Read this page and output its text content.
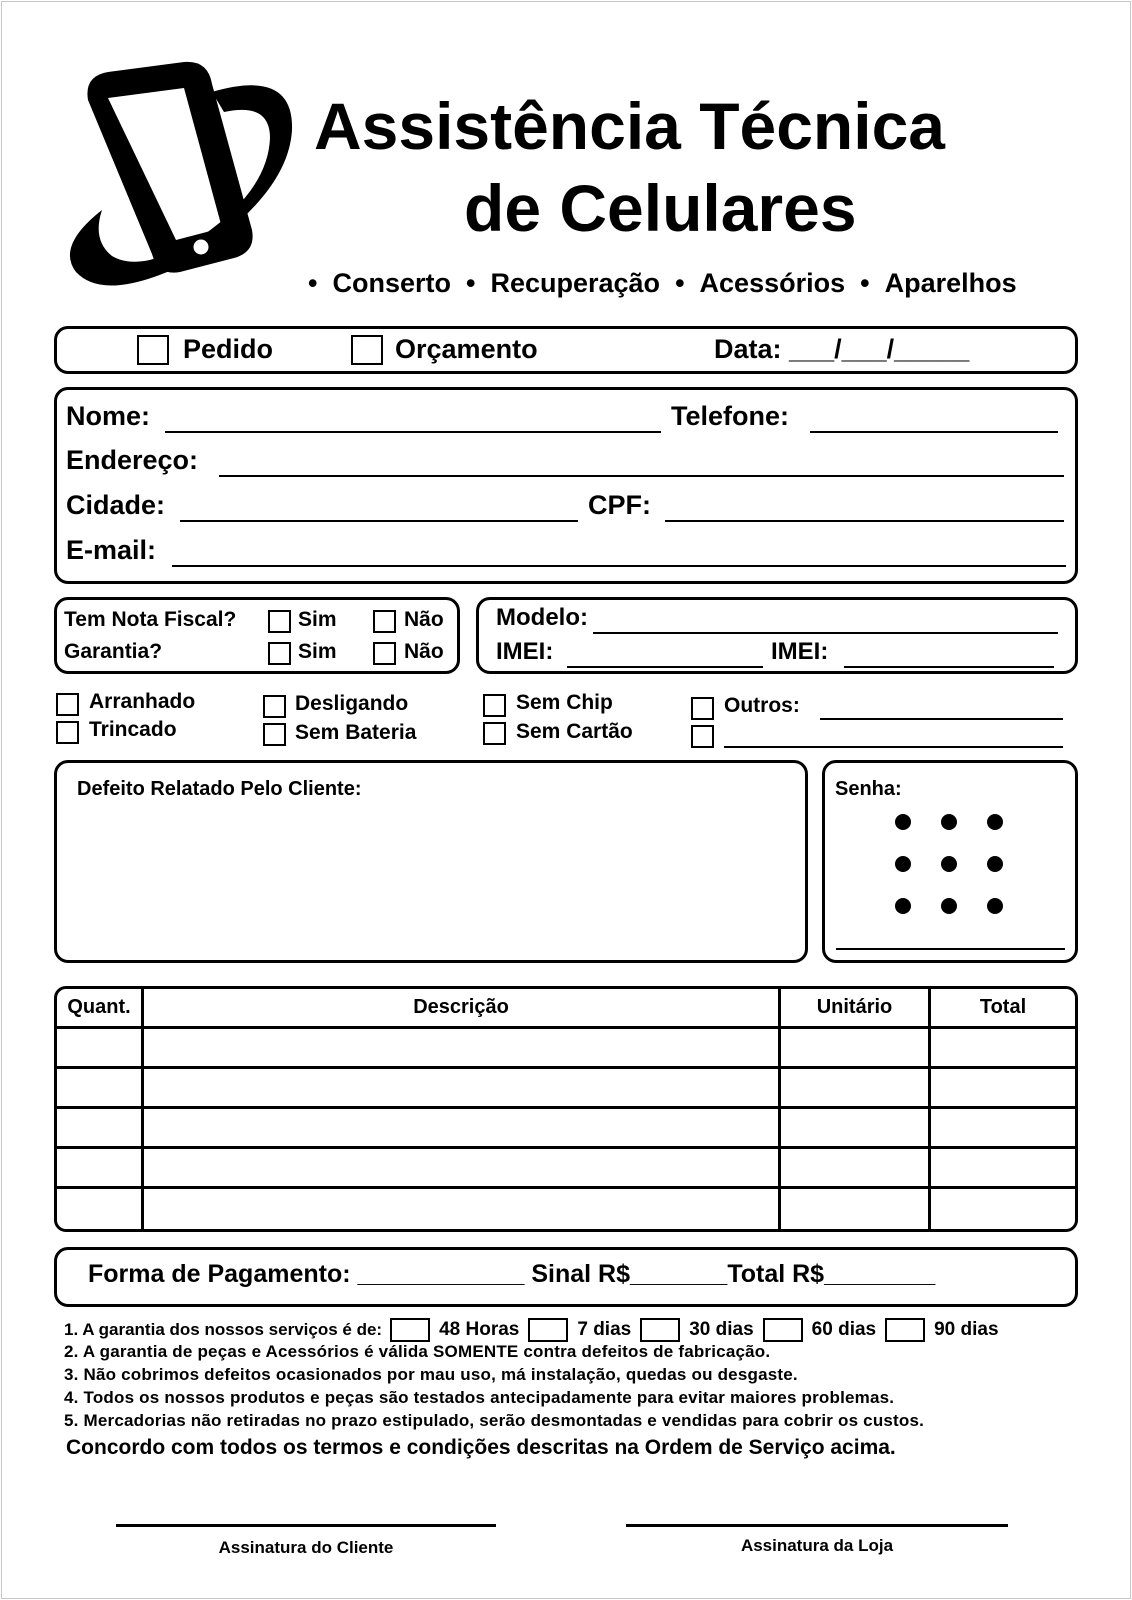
Assistência Técnica
de Celulares
•
Conserto
•
Recuperação
•
Acessórios
•
Aparelhos
Pedido	Orçamento	Data:
___/___/_____
Nome:	Telefone:
Endereço:
Cidade:	CPF:
E-mail:
Tem Nota Fiscal?
Garantia?
Sim	Não
Sim	Não
Modelo:
IMEI:	IMEI:
Arranhado
Trincado
Desligando
Sem Bateria
Sem Chip
Sem Cartão
Outros:
Defeito Relatado Pelo Cliente:	Senha:
Quant.	Descrição	Unitário	Total

Forma de Pagamento:
____________
Sinal R$ _______ Total R$ ________
1. A garantia dos nossos serviços é de:	48 Horas	7 dias	30 dias	60 dias	90 dias
2. A garantia de peças e Acessórios é válida SOMENTE contra defeitos de fabricação.
3. Não cobrimos defeitos ocasionados por mau uso, má instalação, quedas ou desgaste.
4. Todos os nossos produtos e peças são testados antecipadamente para evitar maiores problemas.
5. Mercadorias não retiradas no prazo estipulado, serão desmontadas e vendidas para cobrir os custos.
Concordo com todos os termos e condições descritas na Ordem de Serviço acima.
Assinatura do Cliente	Assinatura da Loja
